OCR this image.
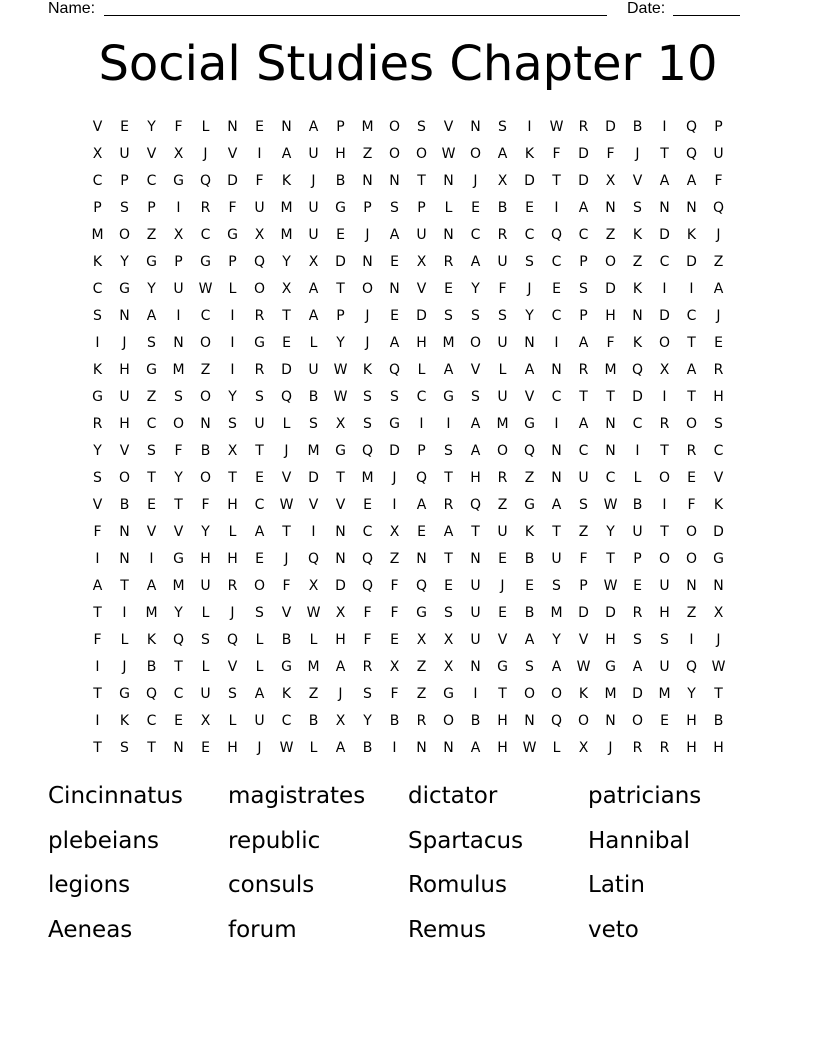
Name:	Date:
Social Studies Chapter 10
V	E	Y	F	L	N	E	N	A	P	M	O	S	V	N	S	I	W	R	D	B	I	Q	P
X	U	V	X	J	V	I	A	U	H	Z	O	O	W	O	A	K	F	D	F	J	T	Q	U
C	P	C	G	Q	D	F	K	J	B	N	N	T	N	J	X	D	T	D	X	V	A	A	F
P	S	P	I	R	F	U	M	U	G	P	S	P	L	E	B	E	I	A	N	S	N	N	Q
M	O	Z	X	C	G	X	M	U	E	J	A	U	N	C	R	C	Q	C	Z	K	D	K	J
K	Y	G	P	G	P	Q	Y	X	D	N	E	X	R	A	U	S	C	P	O	Z	C	D	Z
C	G	Y	U	W	L	O	X	A	T	O	N	V	E	Y	F	J	E	S	D	K	I	I	A
S	N	A	I	C	I	R	T	A	P	J	E	D	S	S	S	Y	C	P	H	N	D	C	J
I	J	S	N	O	I	G	E	L	Y	J	A	H	M	O	U	N	I	A	F	K	O	T	E
K	H	G	M	Z	I	R	D	U	W	K	Q	L	A	V	L	A	N	R	M	Q	X	A	R
G	U	Z	S	O	Y	S	Q	B	W	S	S	C	G	S	U	V	C	T	T	D	I	T	H
R	H	C	O	N	S	U	L	S	X	S	G	I	I	A	M	G	I	A	N	C	R	O	S
Y	V	S	F	B	X	T	J	M	G	Q	D	P	S	A	O	Q	N	C	N	I	T	R	C
S	O	T	Y	O	T	E	V	D	T	M	J	Q	T	H	R	Z	N	U	C	L	O	E	V
V	B	E	T	F	H	C	W	V	V	E	I	A	R	Q	Z	G	A	S	W	B	I	F	K
F	N	V	V	Y	L	A	T	I	N	C	X	E	A	T	U	K	T	Z	Y	U	T	O	D
I	N	I	G	H	H	E	J	Q	N	Q	Z	N	T	N	E	B	U	F	T	P	O	O	G
A	T	A	M	U	R	O	F	X	D	Q	F	Q	E	U	J	E	S	P	W	E	U	N	N
T	I	M	Y	L	J	S	V	W	X	F	F	G	S	U	E	B	M	D	D	R	H	Z	X
F	L	K	Q	S	Q	L	B	L	H	F	E	X	X	U	V	A	Y	V	H	S	S	I	J
I	J	B	T	L	V	L	G	M	A	R	X	Z	X	N	G	S	A	W	G	A	U	Q	W
T	G	Q	C	U	S	A	K	Z	J	S	F	Z	G	I	T	O	O	K	M	D	M	Y	T
I	K	C	E	X	L	U	C	B	X	Y	B	R	O	B	H	N	Q	O	N	O	E	H	B
T	S	T	N	E	H	J	W	L	A	B	I	N	N	A	H	W	L	X	J	R	R	H	H
Cincinnatus	magistrates	dictator	patricians
plebeians	republic	Spartacus	Hannibal
legions	consuls	Romulus	Latin
Aeneas	forum	Remus	veto
